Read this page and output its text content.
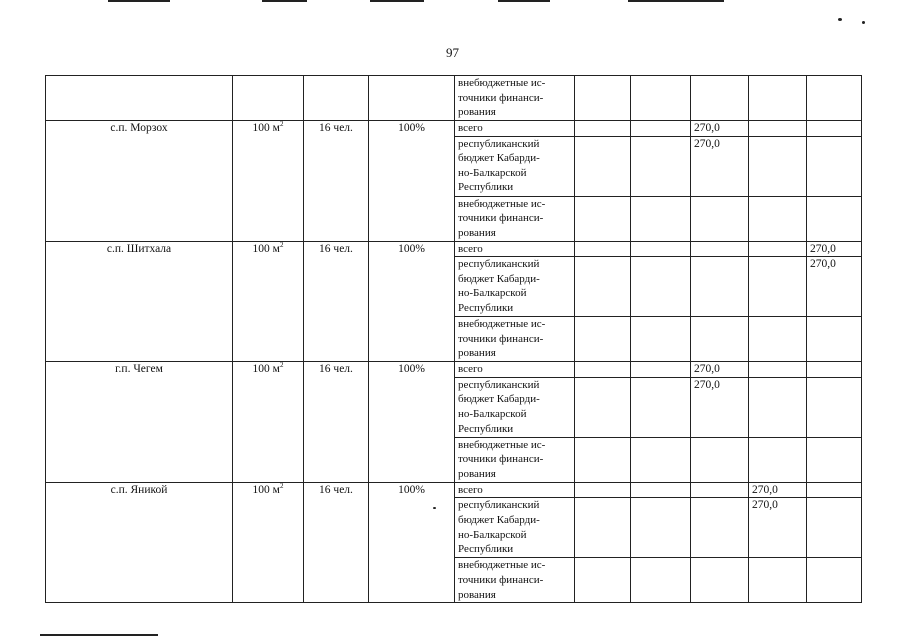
97
				внебюджетные ис-
точники финанси-
рования					
с.п. Морзох	100 $м^2$	16 чел.	100%	всего			270,0		
				республиканский
бюджет Кабарди-
но-Балкарской
Республики			270,0		
				внебюджетные ис-
точники финанси-
рования					
с.п. Шитхала	100 $м^2$	16 чел.	100%	всего					270,0
				республиканский
бюджет Кабарди-
но-Балкарской
Республики					270,0
				внебюджетные ис-
точники финанси-
рования					
г.п. Чегем	100 $м^2$	16 чел.	100%	всего			270,0		
				республиканский
бюджет Кабарди-
но-Балкарской
Республики			270,0		
				внебюджетные ис-
точники финанси-
рования					
с.п. Яникой	100 $м^2$	16 чел.	100%	всего				270,0	
				республиканский
бюджет Кабарди-
но-Балкарской
Республики				270,0	
				внебюджетные ис-
точники финанси-
рования					
